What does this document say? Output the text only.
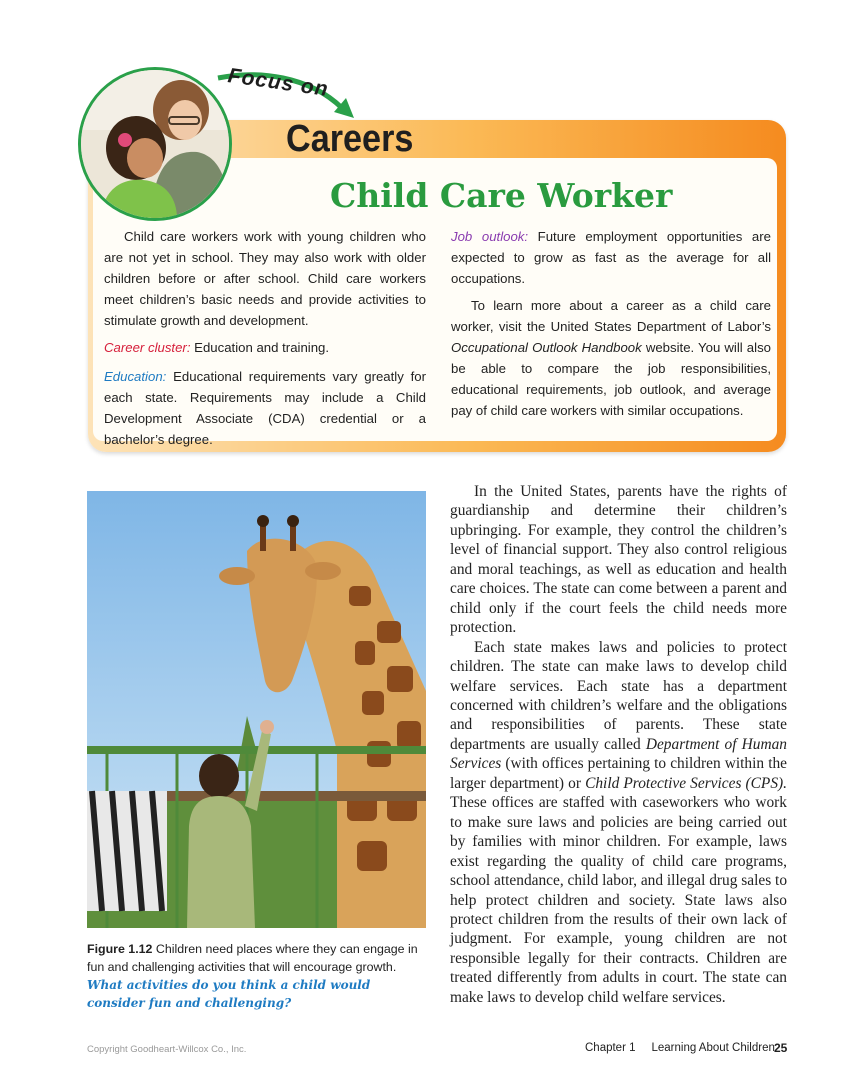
Focus on
Careers
Child Care Worker

Child care workers work with young children who are not yet in school. They may also work with older children before or after school. Child care workers meet children’s basic needs and provide activities to stimulate growth and development.

Career cluster: Education and training.

Education: Educational requirements vary greatly for each state. Requirements may include a Child Development Associate (CDA) credential or a bachelor’s degree.

Job outlook: Future employment opportunities are expected to grow as fast as the average for all occupations.

To learn more about a career as a child care worker, visit the United States Department of Labor’s Occupational Outlook Handbook website. You will also be able to compare the job responsibilities, educational requirements, job outlook, and average pay of child care workers with similar occupations.

Figure 1.12 Children need places where they can engage in fun and challenging activities that will encourage growth.
What activities do you think a child would consider fun and challenging?

In the United States, parents have the rights of guardianship and determine their children’s upbringing. For example, they control the children’s level of financial support. They also control religious and moral teachings, as well as education and health care choices. The state can come between a parent and child only if the court feels the child needs more protection.

Each state makes laws and policies to protect children. The state can make laws to develop child welfare services. Each state has a department concerned with children’s welfare and the obligations and responsibilities of parents. These state departments are usually called Department of Human Services (with offices pertaining to children within the larger department) or Child Protective Services (CPS). These offices are staffed with caseworkers who work to make sure laws and policies are being carried out by families with minor children. For example, laws exist regarding the quality of child care programs, school attendance, child labor, and illegal drug sales to help protect children and society. State laws also protect children from the results of their own lack of judgment. For example, young children are not responsible legally for their contracts. Children are treated differently from adults in court. The state can make laws to develop child welfare services.

Copyright Goodheart-Willcox Co., Inc.	Chapter 1     Learning About Children 25
